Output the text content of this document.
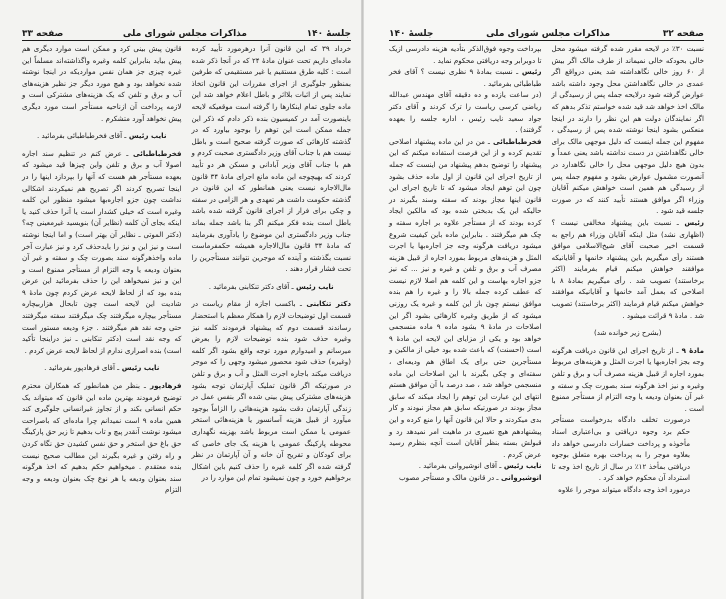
جلسهٔ ۱۴۰
مذاکرات مجلس شورای ملی
صفحه ۳۳

خرداد ۳۹ که این قانون آنرا درهرمورد تأیید کرده ماده‌ای داریم تحت عنوان مادهٔ ۲۴ که در آنجا ذکر شده است : کلیه طرق مستقیم یا غیر مستقیمی که طرفین بمنظور جلوگیری از اجرای مقررات این قانون اتخاذ نمایند پس از اثبات بلااثر و باطل اعلام خواهد شد این ماده جلوی تمام اینکارها را گرفته است موقعیکه لایحه باینصورت آمد در کمیسیون بنده ذکر دادم که ذکر این جمله ممکن است این توهم را بوجود بیاورد که در گذشته کارهائی که صورت گرفته صحیح است و باطل نیست هم با جناب آقای وزیر دادگستری صحبت کردم و هم با جناب آقای وزیر آبادانی و مسکن هر دو تأیید کردند که بهیچوجه این ماده مانع اجرای مادهٔ ۳۴ قانون مال‌الاجاره نیست یعنی همانطور که این قانون در گذشته حکومت داشت هر تعهدی و هر الزامی در سفته و چکی برای فرار از اجرای قانون گرفته شده باشد باطل است بنده فکر میکنم اگر بنا باشد جمله بماند جناب وزیر دادگستری این موضوع را یادآوری بفرمایند که مادهٔ ۳۴ قانون مال‌الاجاره همیشه حکمفرماست نسبت بگذشته و آینده که موجرین نتوانند مستأجرین را تحت فشار قرار دهند .

نایب رئیس ـ آقای دکتر تنکابنی بفرمائید .

دکتر تنکابنی ـ باکسب اجازه از مقام ریاست در قسمت اول توضیحات لازم را همکار معظم با استحضار رساندند قسمت دوم که پیشنهاد فرمودند کلمه نیز وغیره حذف شود بنده توضیحات لازم را بعرض میرسانم و امیدوارم مورد توجه واقع بشود اگر کلمه (وغیره) حذف شود محصور میشود وجهی را که موجر دریافت میکند باجاره اجرت المثل و آب و برق و تلفن در صورتیکه اگر قانون تملیک آپارتمان توجه بشود هزینه‌های مشترکی پیش بینی شده اگر بنفس عمل در زندگی آپارتمان دقت بشود هزینه‌هائی را الزاماً بوجود میآورد از قبیل هزینه آسانسور یا هزینه‌هائی استخر عمومی یا ممکن است مربوط باشد بهزینه نگهداری محوطه پارکینگ عمومی یا هزینه یک جای خاصی که برای کودکان و تفریح آن خانه و آن آپارتمان در نظر گرفته شده اگر کلمه غیره را حذف کنیم باین اشکال برخواهیم خورد و چون نمیشود تمام این موارد را در

قانون پیش بینی کرد و ممکن است موارد دیگری هم پیش بیاید بنابراین کلمه وغیره واگذاشته‌اند مسلماً این غیره چیزی جز همان نفس مواردیکه در اینجا نوشته شده نخواهد بود و هیچ مورد دیگر جز نظیر هزینه‌های آب و برق و تلفن که یک هزینه‌های مشترکی است و لازمه پرداخت آن ازناحیه مستأجر است مورد دیگری پیش نخواهد آورد متشکرم .

نایب رئیس ـ آقای فخرطباطبائی بفرمائید .

فخرطباطبائی ـ عرض کنم در تنظیم سند اجاره اصولا آب و برق و تلفن واین چیزها قید میشود که بعهده مستأجر هم هست که آنها را بپردازد اینها را در اینجا تصریح کردند اگر تصریح هم نمیکردند اشکالی نداشت چون جزو اجاره‌بها میشود منظور این کلمه وغیره است که خیلی کشدار است یا آنرا حذف کنید یا اینکه بجای آن کلمه (نظایر آن) بنویسید غیرمعینی چه؟ (دکتر الموتی ـ نظایر آن بهتر است) و اما اینجا نوشته است و نیز این و نیز را بایدحذف کرد و نیز عبارت آخر ماده واخذهرگونه سند بصورت چک و سفته و غیر آن بعنوان ودیعه یا وجه التزام از مستأجر ممنوع است و این و نیز نمیخواهد این را حذف بفرمائید این عرض بنده بود که از لحاظ لایحه عرض کردم چون مادهٔ ۹ شادیت این لایحه است چون تابحال هزاربیچاره مستأجر بیچاره میگرفتند چک میگرفتند سفته میگرفتند حتی وجه نقد هم میگرفتند . جزء ودیعه مستور است که وجه نقد است (دکتر تنکابنی ـ نیز دراینجا تأکید است) بنده اصراری ندارم از لحاظ لایحه عرض کردم .

نایب رئیس ـ آقای فرهادپور بفرمائید .

فرهادپور ـ بنظر من همانطور که همکاران محترم توضیح فرمودند بهترین ماده این قانون که میتواند یک حکم انسانی بکند و از تجاوز غیرانسانی جلوگیری کند همین ماده ۹ است نمیدانم چرا ماده‌ای که باصراحت میشود نوشت آنقدر پیچ و تاب بدهیم تا زیر حق پارکینگ حق باغ حق استخر و حق نفس کشیدن حق نگاه کردن و راه رفتن و غیره بگیرند این مطالب صحیح نیست بنده معتقدم . میخواهیم حکم بدهیم که اخذ هرگونه سند بعنوان ودیعه یا هر نوع چک بعنوان ودیعه و وجه التزام

صفحه ۳۲
مذاکرات مجلس شورای ملی
جلسهٔ ۱۴۰

نسبت ۳۰٪ در لایحه مقرر شده گرفته میشود محل خالی بحودکه خالی نمیماند از طرف مالک اگر بیش از ۶۰ روز خالی نگاهداشته شد یعنی درواقع اگر عمدی در خالی نگاهداشتن محل وجود داشته باشد عوارض گرفته شود درلایحه جمله پس از رسیدگی از مالک اخذ خواهد شد قید شده خواستم تذکر بدهم که اگر نمایندگان دولت هم این نظر را دارند در اینجا منعکس بشود اینجا نوشته شده پس از رسیدگی ، مفهوم این جمله اینست که دلیل موجهی مالک برای خالی نگاهداشتن در دست نداشته باشد یعنی عمداً و بدون هیچ دلیل موجهی محل را خالی نگاهدارد در آنصورت مشمول عوارض بشود و مفهوم جمله پس از رسیدگی هم همین است خواهش میکنم آقایان وزراء اگر موافق هستند تأیید کنند که در صورت جلسه قید شود .

رئیس ـ نسبت باین پیشنهاد مخالفی نیست ؟ (اظهاری نشد) مثل اینکه آقایان وزراء هم راجع به قسمت اخیر صحبت آقای شیخ‌الاسلامی موافق هستند رأی میگیریم باین پیشنهاد خانمها و آقایانیکه موافقند خواهش میکنم قیام بفرمایند (اکثر برخاستند) تصویب شد . رأی میگیریم بمادهٔ ۸ با اصلاحی که بعمل آمد خانمها و آقایانیکه موافقند خواهش میکنم قیام فرمایند (اکثر برخاستند) تصویب شد . مادهٔ ۹ قرائت میشود .

(بشرح زیر خوانده شد)

مادهٔ ۹ ـ از تاریخ اجرای این قانون دریافت هرگونه وجه بجز اجاره‌بها یا اجرت المثل و هزینه‌های مربوط بمورد اجاره از قبیل هزینه مصرف آب و برق و تلفن وغیره و نیز اخذ هرگونه سند بصورت چک و سفته و غیر آن بعنوان ودیعه یا وجه التزام از مستأجر ممنوع است .

درصورت تخلف دادگاه بدرخواست مستأجر حکم برد وجوه دریافتی و بی‌اعتباری اسناد مأخوذه و پرداخت خسارات دادرسی خواهد داد بعلاوه موجر را به پرداخت بهره متعلق بوجوه دریافتی بمأخذ ۱۲٪ در سال از تاریخ اخذ وجه تا استرداد آن محکوم خواهد کرد .

درمورد اخذ وجه دادگاه میتواند موجر را علاوه

بپرداخت وجوه فوق‌الذکر بتأدیه هزینه دادرسی ازیک تا دوبرابر وجه دریافتی محکوم نماید .

رئیس ـ نسبت بمادهٔ ۹ نظری نیست ؟ آقای فخر طباطبائی بفرمائید .

(در ساعت یازده و ده دقیقه آقای مهندس عبدالله ریاضی کرسی ریاست را ترک کردند و آقای دکتر جواد سعید نایب رئیس ، اداره جلسه را بعهده گرفتند) .

فخرطباطبائی ـ من در این ماده پیشنهاد اصلاحی تقدیم کرده و از این فرصت استفاده میکنم که این پیشنهاد را توضیح بدهم پیشنهاد من اینست که جمله از تاریخ اجرای این قانون از اول ماده حذف بشود چون این توهم ایجاد میشود که تا تاریخ اجرای این قانون اینها مجاز بودند که سفته وسند بگیرند در حالیکه این یک بدبختی شده بود که مالکین ایجاد کرده بودند که از مستأجر علاوه بر اجاره سفته و چک هم میگرفتند . بنابراین ماده باین کیفیت شروع میشود دریافت هرگونه وجه جز اجاره‌بها یا اجرت المثل و هزینه‌های مربوط بمورد اجاره از قبیل هزینه مصرف آب و برق و تلفن و غیره و نیز ... که نیز جزو اجاره بهاست و این کلمه هم اصلا لازم نیست که عطف کرده جمله بالا را و غیره را هم بنده موافق نیستم چون باز این کلمه و غیره یک روزنی میشود که از طریق وغیره کارهائی بشود اگر این اصلاحات در مادهٔ ۹ بشود ماده ۹ ماده منسجمی خواهد بود و یکی از مزایای این لایحه این مادهٔ ۹ است (احسنت) که باعث شده بود خیلی از مالکین و مستأجرین حتی برای یک اطاق هم ودیعه‌ای ، سفته‌ای و چکی بگیرند با این اصلاحات این ماده منسجمی خواهد شد ، صد درصد با آن موافق هستم انتهای این عبارت این توهم را ایجاد میکند که سابق مجاز بودند در صورتیکه سابق هم مجاز نبودند و کار بدی میکردند و حالا این قانون آنها را منع کرده و این پیشنهادهم هیچ تغییری در ماهیت امر نمیدهد رد و قبولش بسته بنظر آقایان است آنچه بنظرم رسید عرض کردم .

نایب رئیس ـ آقای انوشیروانی بفرمائید .

انوشیروانی ـ در قانون مالک و مستأجر مصوب
